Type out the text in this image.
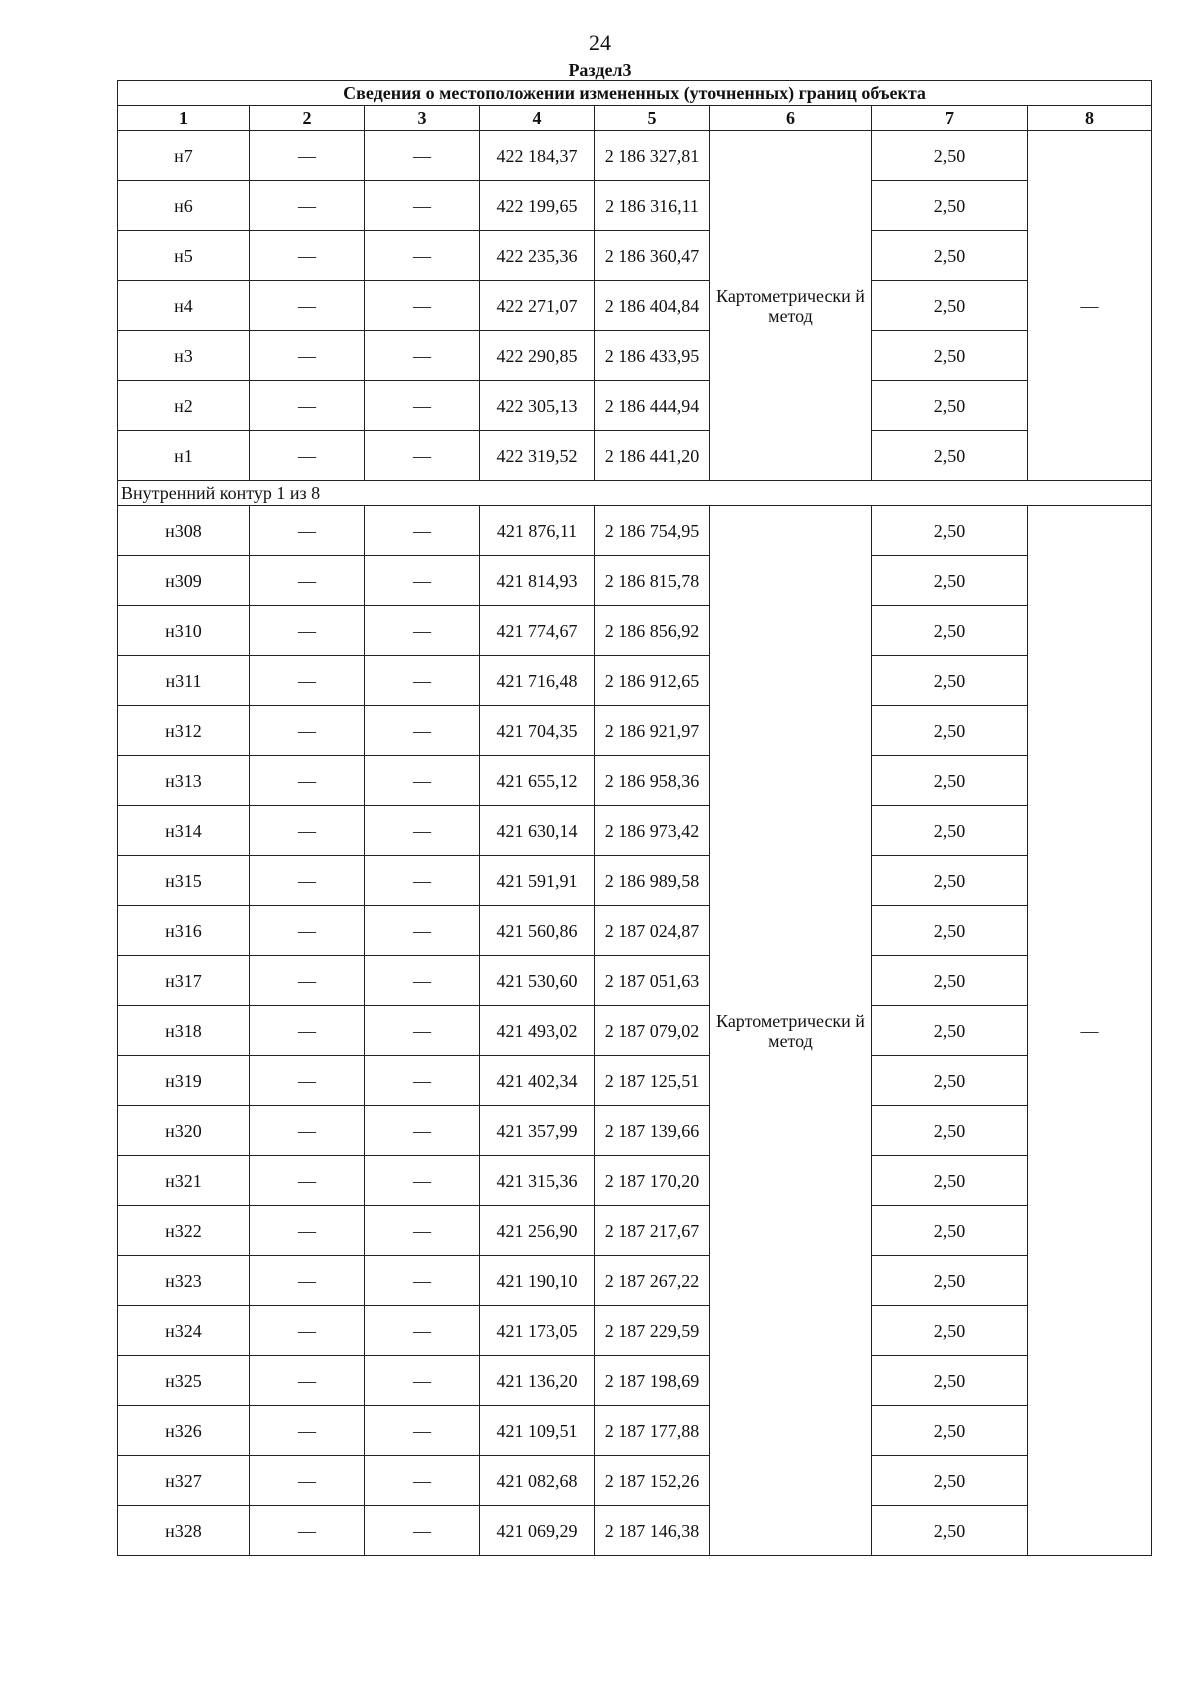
24
Раздел3
Сведения о местоположении измененных (уточненных) границ объекта							
1	2	3	4	5	6	7	8
н7	—	—	422 184,37	2 186 327,81	Картометрически й метод	2,50	—
н6	—	—	422 199,65	2 186 316,11		2,50	
н5	—	—	422 235,36	2 186 360,47		2,50	
н4	—	—	422 271,07	2 186 404,84		2,50	
н3	—	—	422 290,85	2 186 433,95		2,50	
н2	—	—	422 305,13	2 186 444,94		2,50	
н1	—	—	422 319,52	2 186 441,20		2,50	
Внутренний контур 1 из 8							
н308	—	—	421 876,11	2 186 754,95	Картометрически й метод	2,50	—
н309	—	—	421 814,93	2 186 815,78		2,50	
н310	—	—	421 774,67	2 186 856,92		2,50	
н311	—	—	421 716,48	2 186 912,65		2,50	
н312	—	—	421 704,35	2 186 921,97		2,50	
н313	—	—	421 655,12	2 186 958,36		2,50	
н314	—	—	421 630,14	2 186 973,42		2,50	
н315	—	—	421 591,91	2 186 989,58		2,50	
н316	—	—	421 560,86	2 187 024,87		2,50	
н317	—	—	421 530,60	2 187 051,63		2,50	
н318	—	—	421 493,02	2 187 079,02		2,50	
н319	—	—	421 402,34	2 187 125,51		2,50	
н320	—	—	421 357,99	2 187 139,66		2,50	
н321	—	—	421 315,36	2 187 170,20		2,50	
н322	—	—	421 256,90	2 187 217,67		2,50	
н323	—	—	421 190,10	2 187 267,22		2,50	
н324	—	—	421 173,05	2 187 229,59		2,50	
н325	—	—	421 136,20	2 187 198,69		2,50	
н326	—	—	421 109,51	2 187 177,88		2,50	
н327	—	—	421 082,68	2 187 152,26		2,50	
н328	—	—	421 069,29	2 187 146,38		2,50	
